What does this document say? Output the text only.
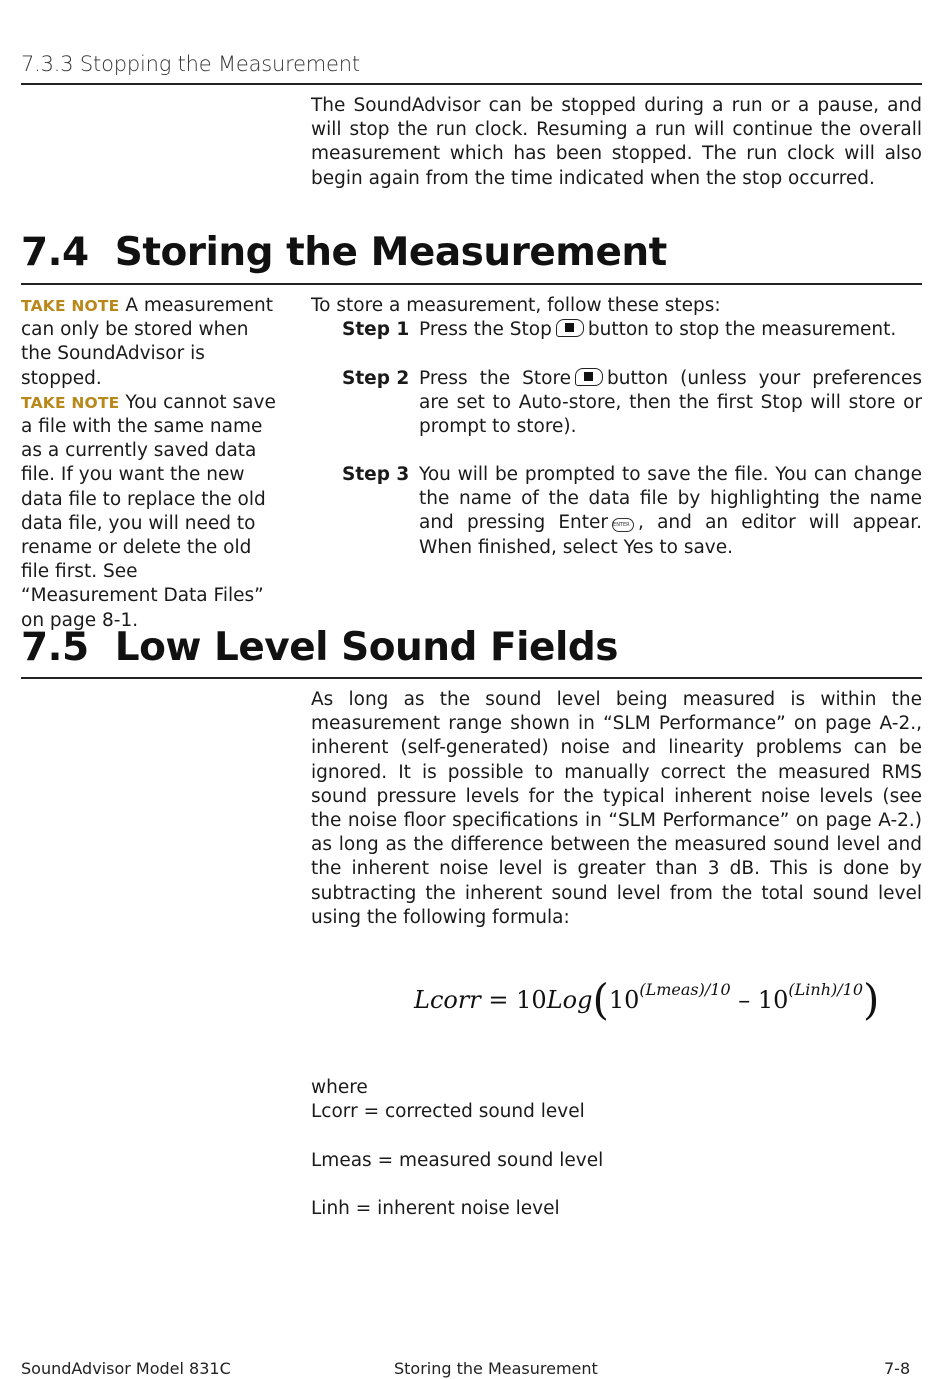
7.3.3 Stopping the Measurement
The SoundAdvisor can be stopped during a run or a pause, and will stop the run clock. Resuming a run will continue the overall measurement which has been stopped. The run clock will also begin again from the time indicated when the stop occurred.
7.4  Storing the Measurement
TAKE NOTE A measurement can only be stored when the SoundAdvisor is stopped.
TAKE NOTE You cannot save a file with the same name as a currently saved data file. If you want the new data file to replace the old data file, you will need to rename or delete the old file first. See “Measurement Data Files” on page 8-1.
To store a measurement, follow these steps:
Step 1 Press the Stop button to stop the measurement.
Step 2 Press the Store button (unless your preferences are set to Auto-store, then the first Stop will store or prompt to store).
Step 3 You will be prompted to save the file. You can change the name of the data file by highlighting the name and pressing Enter ENTER , and an editor will appear. When finished, select Yes to save.
7.5  Low Level Sound Fields
As long as the sound level being measured is within the measurement range shown in “SLM Performance” on page A-2., inherent (self-generated) noise and linearity problems can be ignored. It is possible to manually correct the measured RMS sound pressure levels for the typical inherent noise levels (see the noise floor specifications in “SLM Performance” on page A-2.) as long as the difference between the measured sound level and the inherent noise level is greater than 3 dB. This is done by subtracting the inherent sound level from the total sound level using the following formula:
Lcorr = $10Log(10^{(Lmeas)/10} - 10^{(Linh)/10})$
where
Lcorr = corrected sound level
Lmeas = measured sound level
Linh = inherent noise level
SoundAdvisor Model 831C	Storing the Measurement	7-8
